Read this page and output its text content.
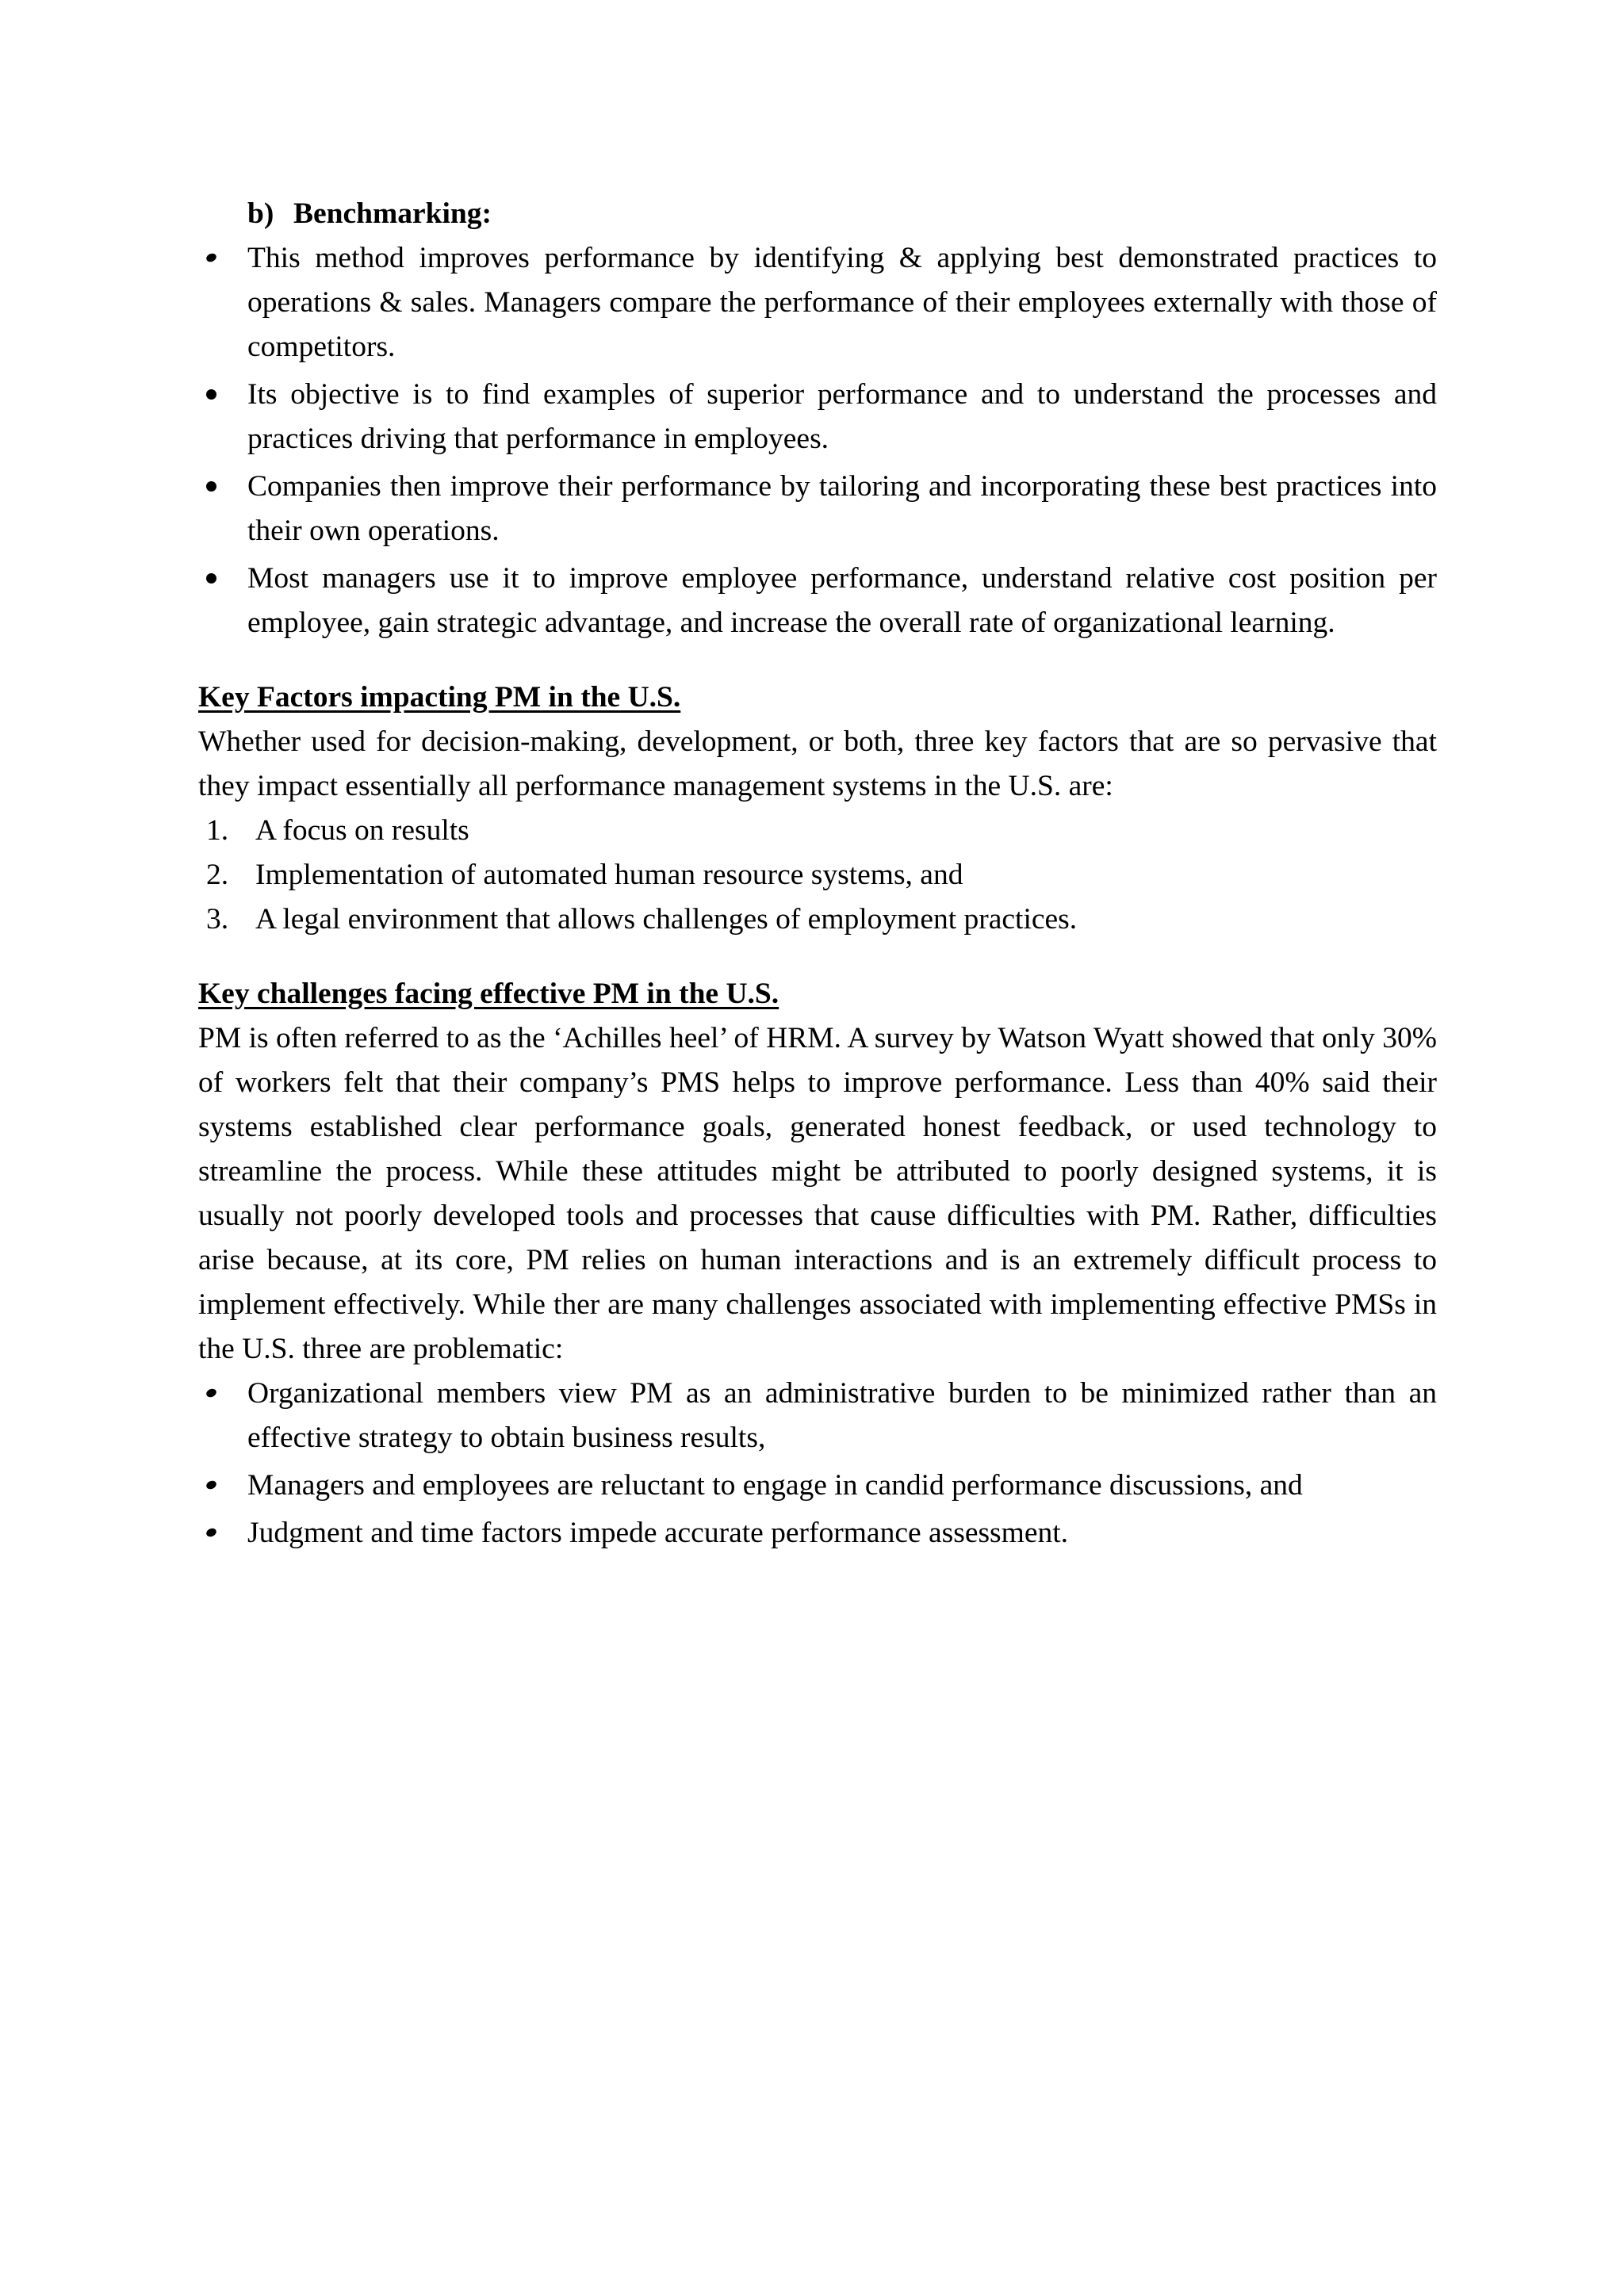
b) Benchmarking:
This method improves performance by identifying & applying best demonstrated practices to operations & sales. Managers compare the performance of their employees externally with those of competitors.
Its objective is to find examples of superior performance and to understand the processes and practices driving that performance in employees.
Companies then improve their performance by tailoring and incorporating these best practices into their own operations.
Most managers use it to improve employee performance, understand relative cost position per employee, gain strategic advantage, and increase the overall rate of organizational learning.
Key Factors impacting PM in the U.S.
Whether used for decision-making, development, or both, three key factors that are so pervasive that they impact essentially all performance management systems in the U.S. are:
1. A focus on results
2. Implementation of automated human resource systems, and
3. A legal environment that allows challenges of employment practices.
Key challenges facing effective PM in the U.S.
PM is often referred to as the ‘Achilles heel’ of HRM. A survey by Watson Wyatt showed that only 30% of workers felt that their company’s PMS helps to improve performance. Less than 40% said their systems established clear performance goals, generated honest feedback, or used technology to streamline the process. While these attitudes might be attributed to poorly designed systems, it is usually not poorly developed tools and processes that cause difficulties with PM. Rather, difficulties arise because, at its core, PM relies on human interactions and is an extremely difficult process to implement effectively. While ther are many challenges associated with implementing effective PMSs in the U.S. three are problematic:
Organizational members view PM as an administrative burden to be minimized rather than an effective strategy to obtain business results,
Managers and employees are reluctant to engage in candid performance discussions, and
Judgment and time factors impede accurate performance assessment.
